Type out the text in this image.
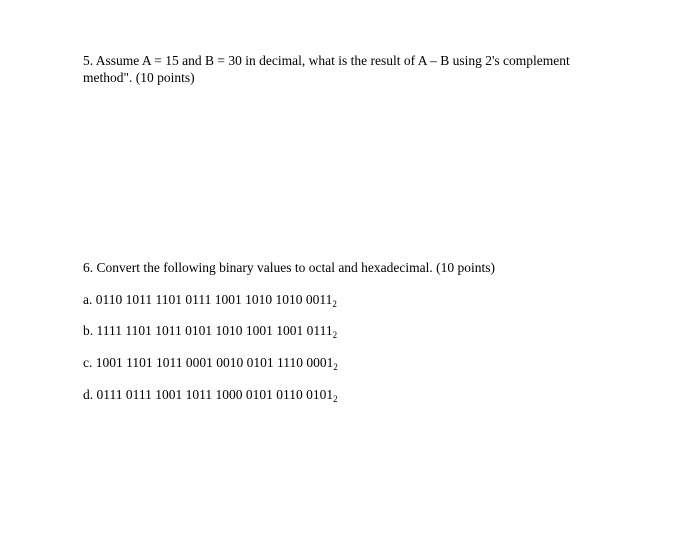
5. Assume A = 15 and B = 30 in decimal, what is the result of A – B using 2's complement
method". (10 points)
6. Convert the following binary values to octal and hexadecimal. (10 points)
a. 0110 1011 1101 0111 1001 1010 1010 $0011_2$
b. 1111 1101 1011 0101 1010 1001 1001 $0111_2$
c. 1001 1101 1011 0001 0010 0101 1110 $0001_2$
d. 0111 0111 1001 1011 1000 0101 0110 $0101_2$
